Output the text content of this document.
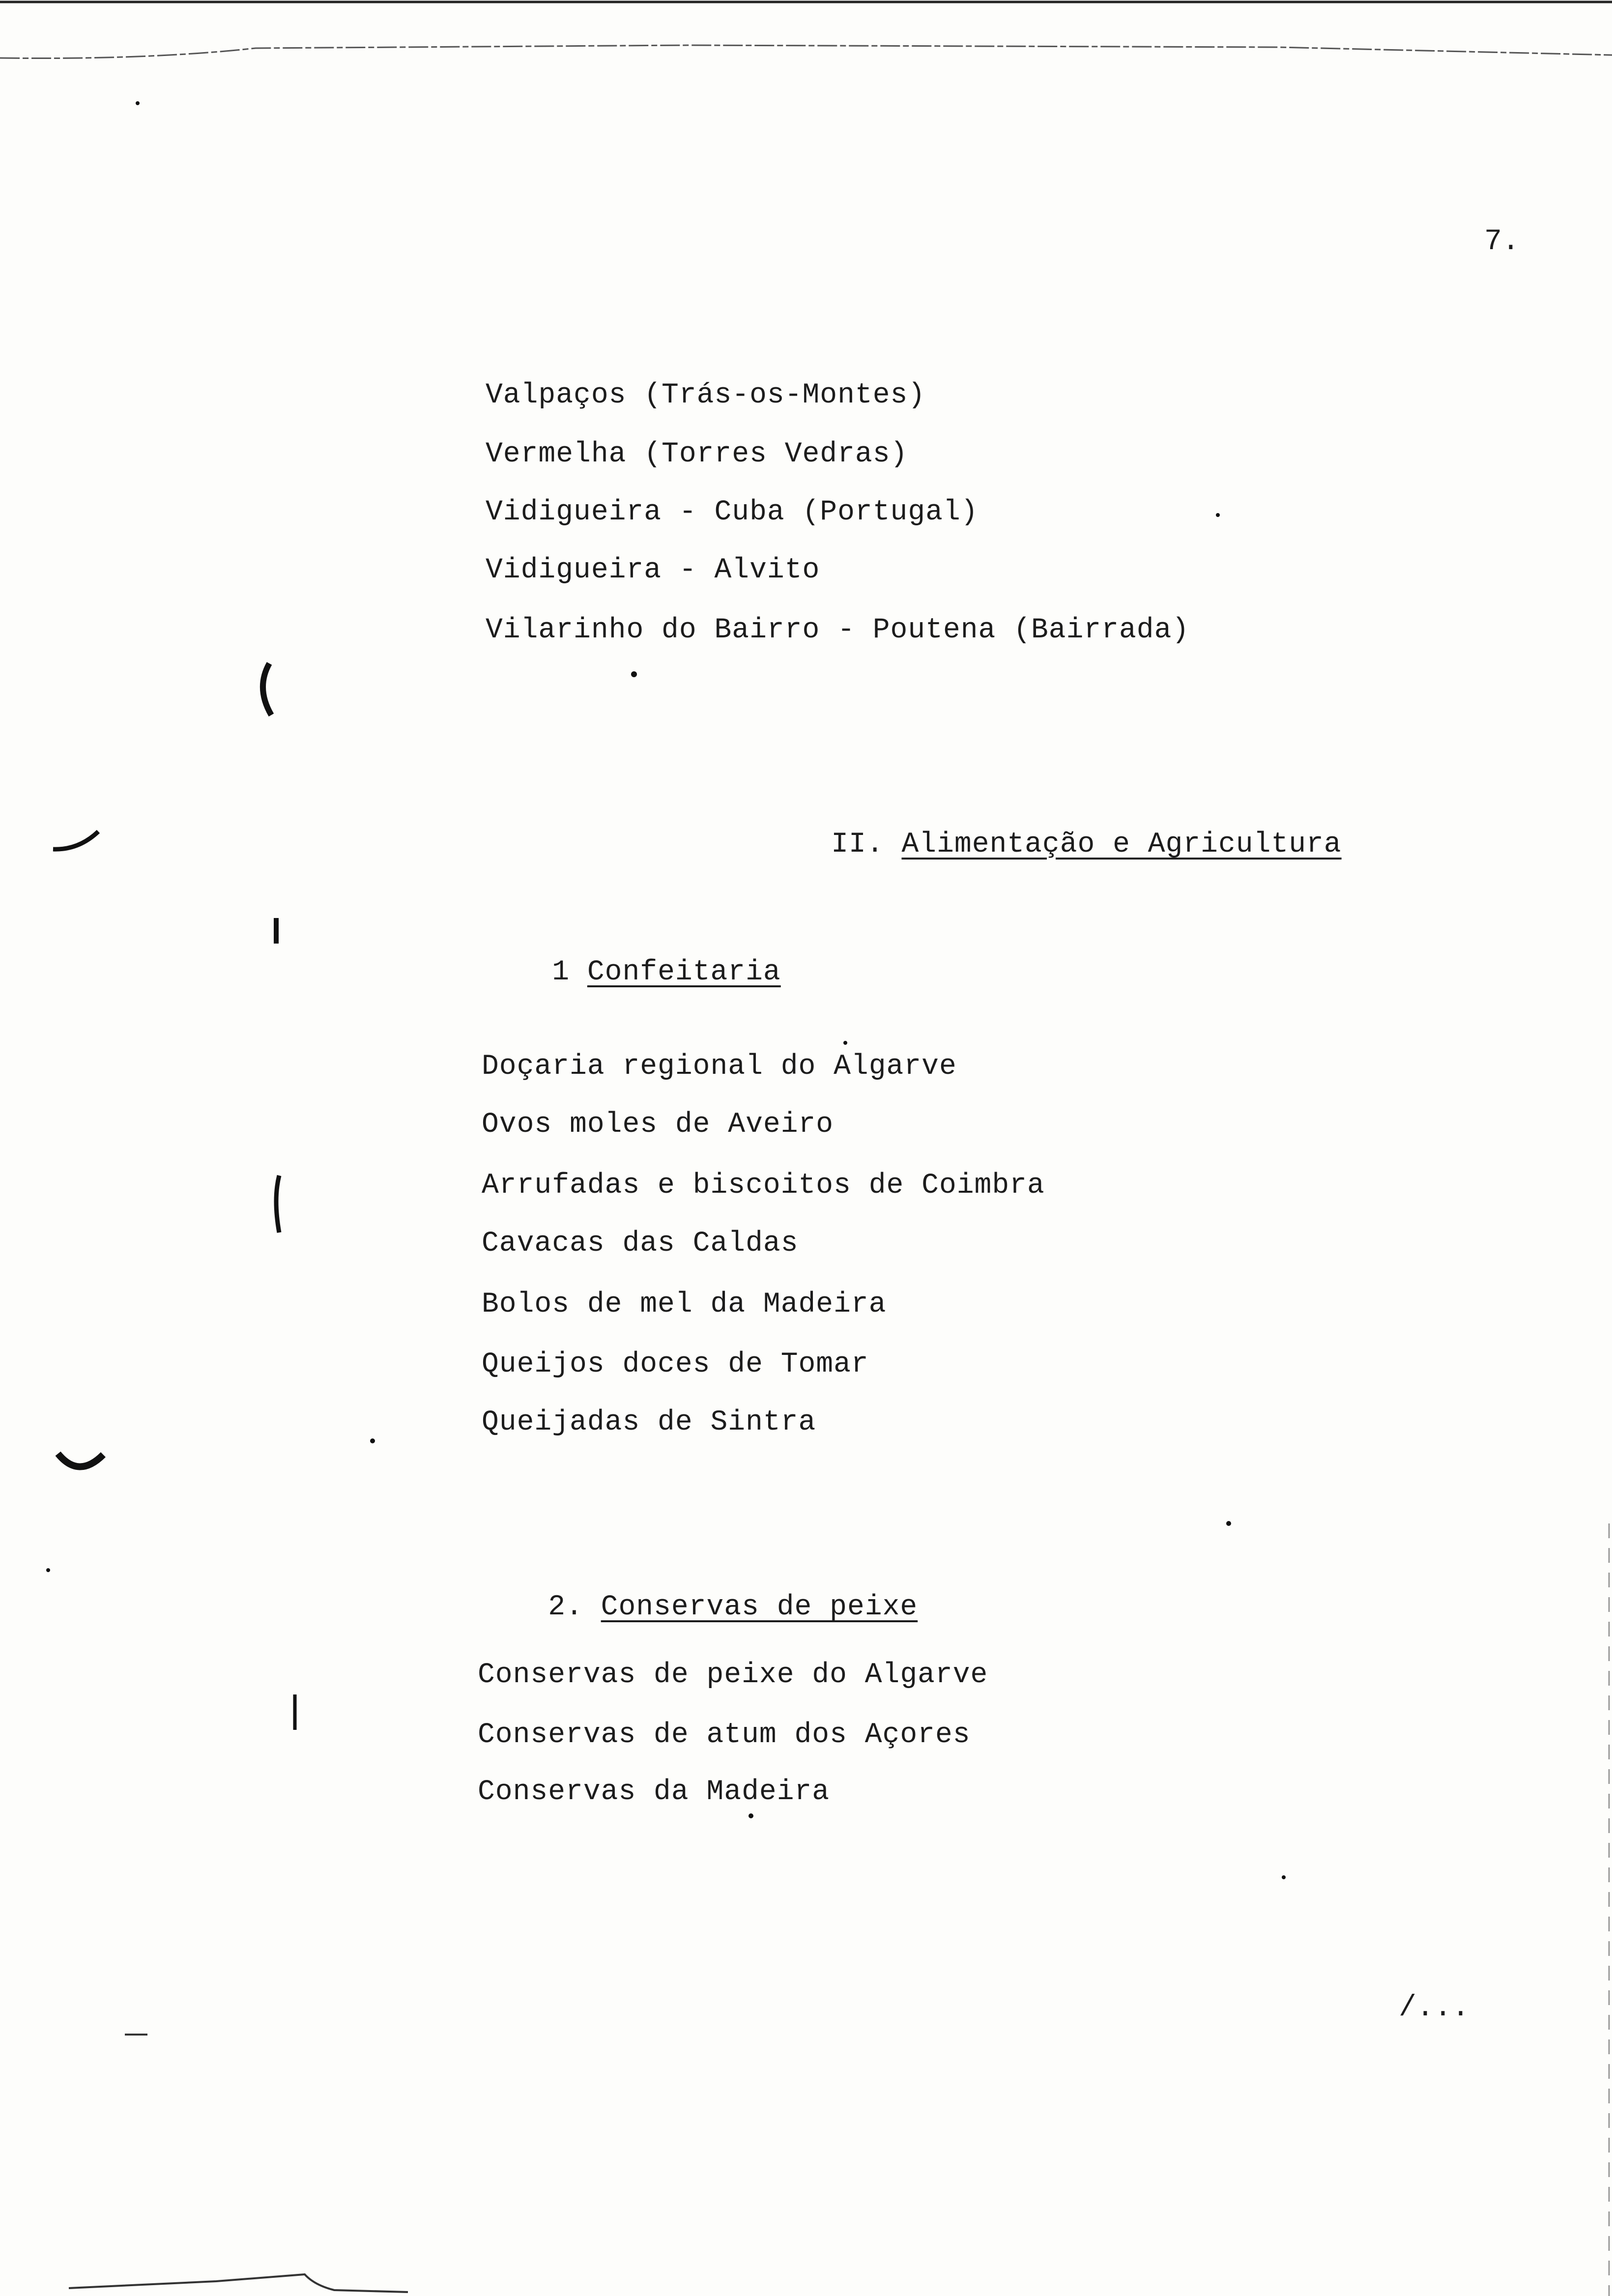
7.
Valpaços (Trás-os-Montes)
Vermelha (Torres Vedras)
Vidigueira - Cuba (Portugal)
Vidigueira - Alvito
Vilarinho do Bairro - Poutena (Bairrada)

II. Alimentação e Agricultura

1 Confeitaria

Doçaria regional do Algarve
Ovos moles de Aveiro
Arrufadas e biscoitos de Coimbra
Cavacas das Caldas
Bolos de mel da Madeira
Queijos doces de Tomar
Queijadas de Sintra

2. Conservas de peixe

Conservas de peixe do Algarve
Conservas de atum dos Açores
Conservas da Madeira
/...
